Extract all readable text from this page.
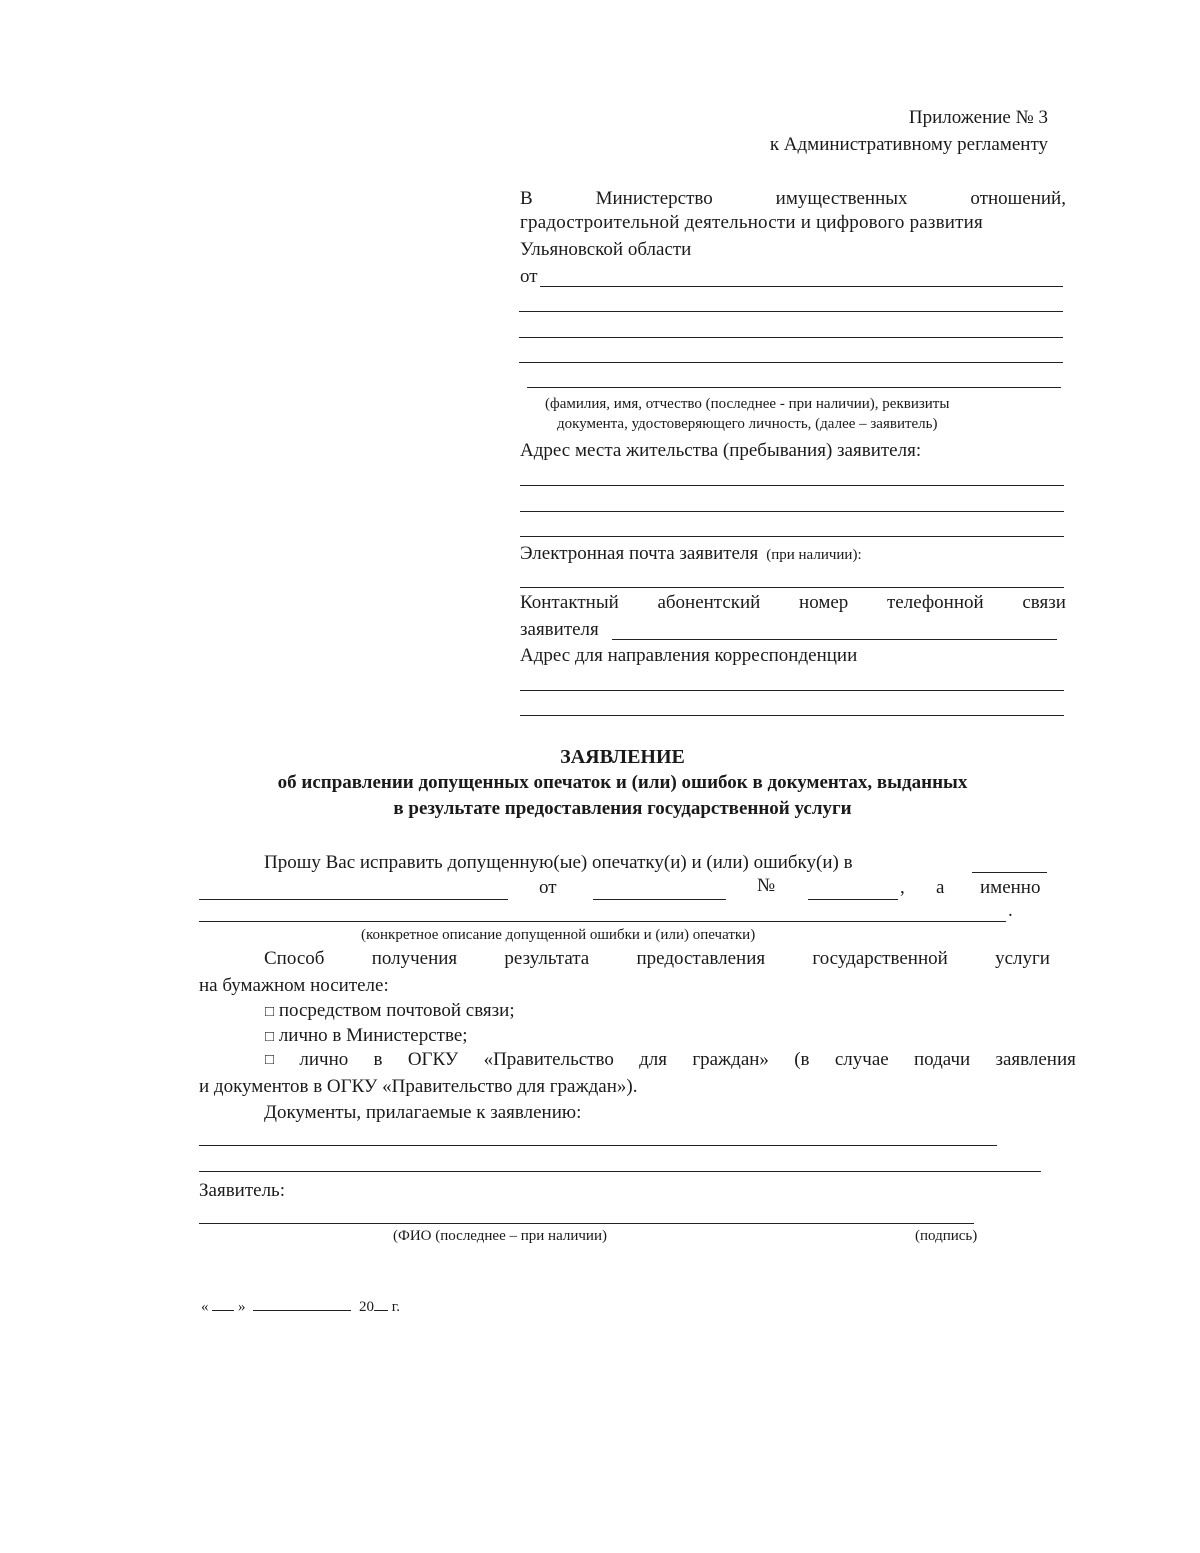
Приложение № 3
к Административному регламенту
В	Министерство	имущественных	отношений,
градостроительной деятельности и цифрового развития
Ульяновской области
от
(фамилия, имя, отчество (последнее - при наличии), реквизиты
документа, удостоверяющего личность, (далее – заявитель)
Адрес места жительства (пребывания) заявителя:
Электронная почта заявителя (при наличии):
Контактный абонентский номер телефонной связи
заявителя
Адрес для направления корреспонденции
ЗАЯВЛЕНИЕ
об исправлении допущенных опечаток и (или) ошибок в документах, выданных
в результате предоставления государственной услуги
Прошу Вас исправить допущенную(ые) опечатку(и) и (или) ошибку(и) в
от	№	, а именно
.
(конкретное описание допущенной ошибки и (или) опечатки)
Способ получения результата предоставления государственной услуги
на бумажном носителе:
□ посредством почтовой связи;
□ лично в Министерстве;
□ лично в ОГКУ «Правительство для граждан» (в случае подачи заявления
и документов в ОГКУ «Правительство для граждан»).
Документы, прилагаемые к заявлению:
Заявитель:
(ФИО (последнее – при наличии)	(подпись)
« »	20 г.
